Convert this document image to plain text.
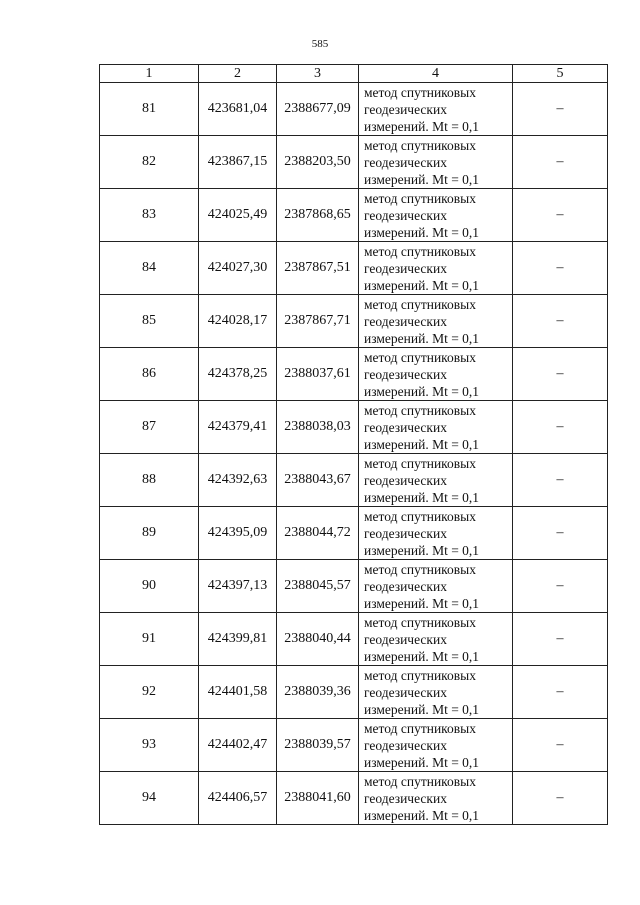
585
1	2	3	4	5
81	423681,04	2388677,09	метод спутниковых
геодезических
измерений. Mt = 0,1	–
82	423867,15	2388203,50	метод спутниковых
геодезических
измерений. Mt = 0,1	–
83	424025,49	2387868,65	метод спутниковых
геодезических
измерений. Mt = 0,1	–
84	424027,30	2387867,51	метод спутниковых
геодезических
измерений. Mt = 0,1	–
85	424028,17	2387867,71	метод спутниковых
геодезических
измерений. Mt = 0,1	–
86	424378,25	2388037,61	метод спутниковых
геодезических
измерений. Mt = 0,1	–
87	424379,41	2388038,03	метод спутниковых
геодезических
измерений. Mt = 0,1	–
88	424392,63	2388043,67	метод спутниковых
геодезических
измерений. Mt = 0,1	–
89	424395,09	2388044,72	метод спутниковых
геодезических
измерений. Mt = 0,1	–
90	424397,13	2388045,57	метод спутниковых
геодезических
измерений. Mt = 0,1	–
91	424399,81	2388040,44	метод спутниковых
геодезических
измерений. Mt = 0,1	–
92	424401,58	2388039,36	метод спутниковых
геодезических
измерений. Mt = 0,1	–
93	424402,47	2388039,57	метод спутниковых
геодезических
измерений. Mt = 0,1	–
94	424406,57	2388041,60	метод спутниковых
геодезических
измерений. Mt = 0,1	–
